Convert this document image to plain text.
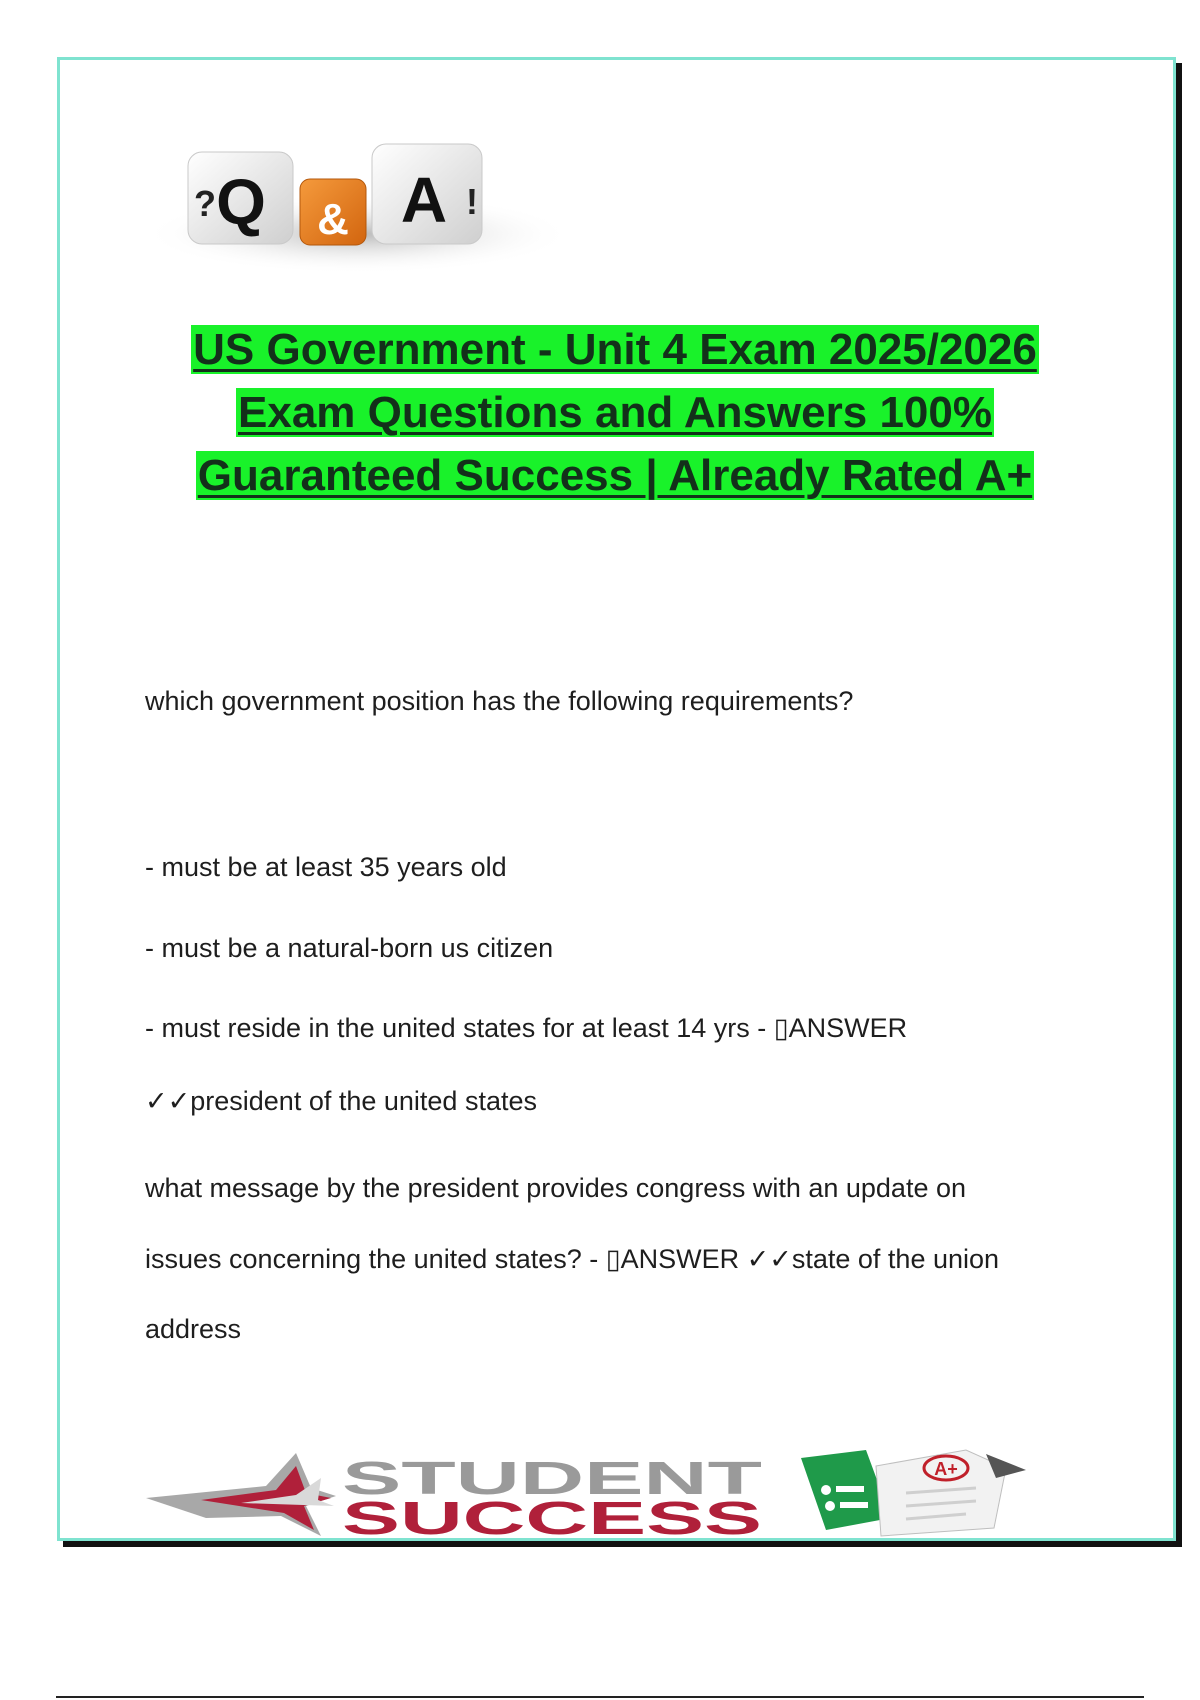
Q
? & A !
US Government - Unit 4 Exam 2025/2026
Exam Questions and Answers 100%
Guaranteed Success | Already Rated A+
which government position has the following requirements?
- must be at least 35 years old
- must be a natural-born us citizen
- must reside in the united states for at least 14 yrs - ▯ANSWER
✓✓president of the united states
what message by the president provides congress with an update on
issues concerning the united states? - ▯ANSWER ✓✓state of the union
address
STUDENT
SUCCESS
A+
